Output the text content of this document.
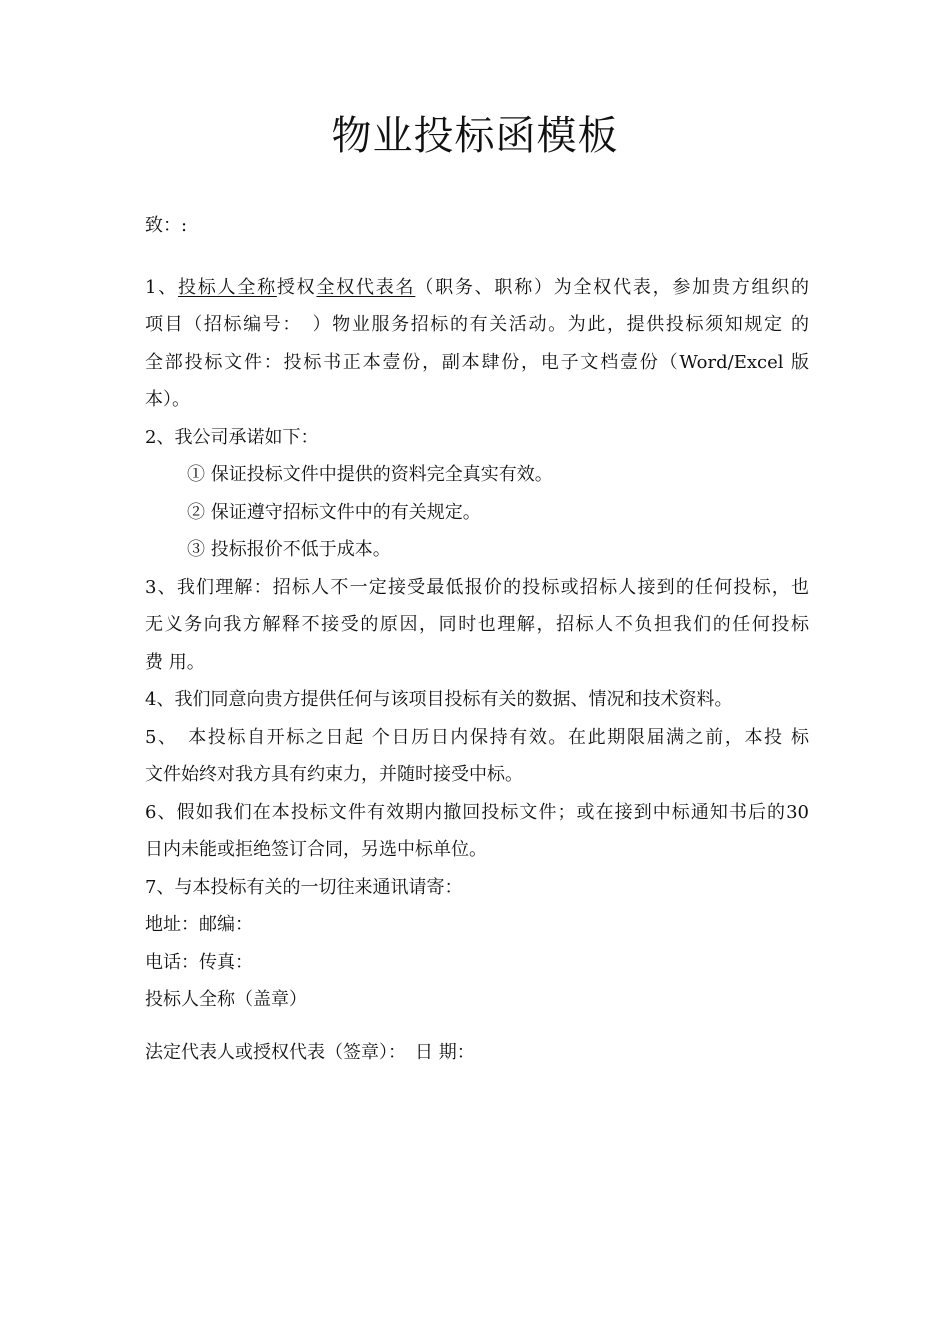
物业投标函模板
致：:
1、投标人全称授权全权代表名（职务、职称）为全权代表，参加贵方组织的
项目（招标编号：　）物业服务招标的有关活动。为此，提供投标须知规定 的
全部投标文件：投标书正本壹份，副本肆份，电子文档壹份（Word/Excel 版
本）。
2、我公司承诺如下：
① 保证投标文件中提供的资料完全真实有效。
② 保证遵守招标文件中的有关规定。
③ 投标报价不低于成本。
3、我们理解：招标人不一定接受最低报价的投标或招标人接到的任何投标，也
无义务向我方解释不接受的原因，同时也理解，招标人不负担我们的任何投标
费 用。
4、我们同意向贵方提供任何与该项目投标有关的数据、情况和技术资料。
5、　本投标自开标之日起 个日历日内保持有效。在此期限届满之前，本投 标
文件始终对我方具有约束力，并随时接受中标。
6、假如我们在本投标文件有效期内撤回投标文件；或在接到中标通知书后的30
日内未能或拒绝签订合同，另选中标单位。
7、与本投标有关的一切往来通讯请寄：
地址：邮编：
电话：传真：
投标人全称（盖章）
法定代表人或授权代表（签章）：　日 期：
